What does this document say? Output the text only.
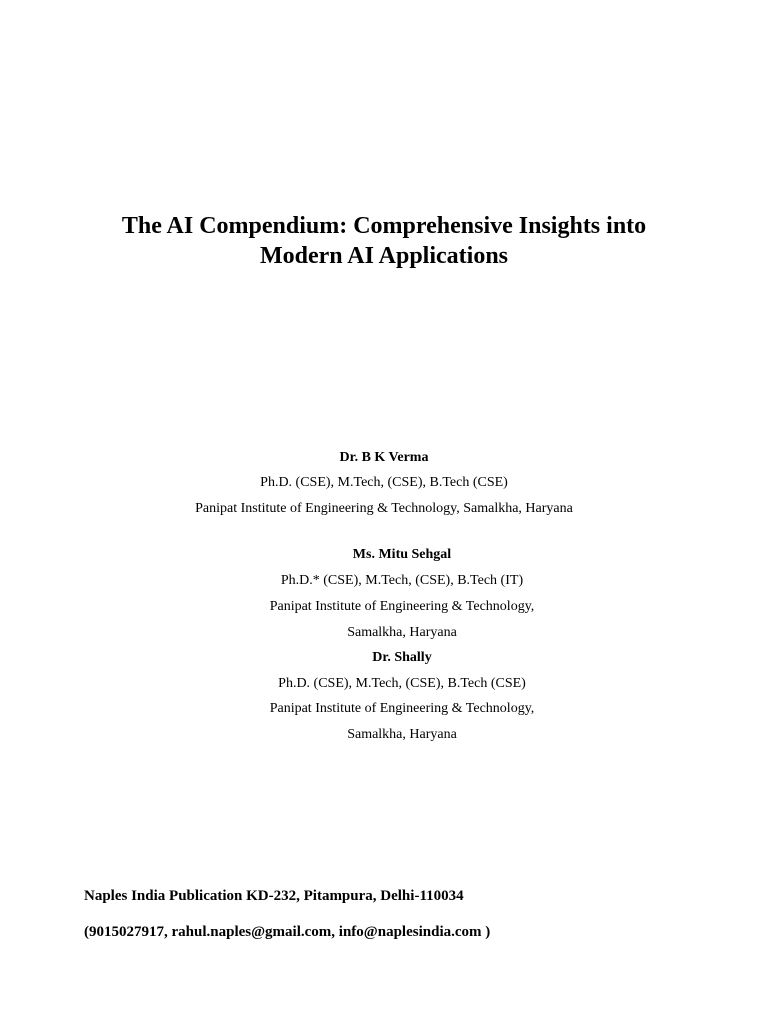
The AI Compendium: Comprehensive Insights into
Modern AI Applications
Dr. B K Verma
Ph.D. (CSE), M.Tech, (CSE), B.Tech (CSE)
Panipat Institute of Engineering & Technology, Samalkha, Haryana
Ms. Mitu Sehgal
Ph.D.* (CSE), M.Tech, (CSE), B.Tech (IT)
Panipat Institute of Engineering & Technology,
Samalkha, Haryana
Dr. Shally
Ph.D. (CSE), M.Tech, (CSE), B.Tech (CSE)
Panipat Institute of Engineering & Technology,
Samalkha, Haryana
Naples India Publication KD-232, Pitampura, Delhi-110034
(9015027917, rahul.naples@gmail.com, info@naplesindia.com )
